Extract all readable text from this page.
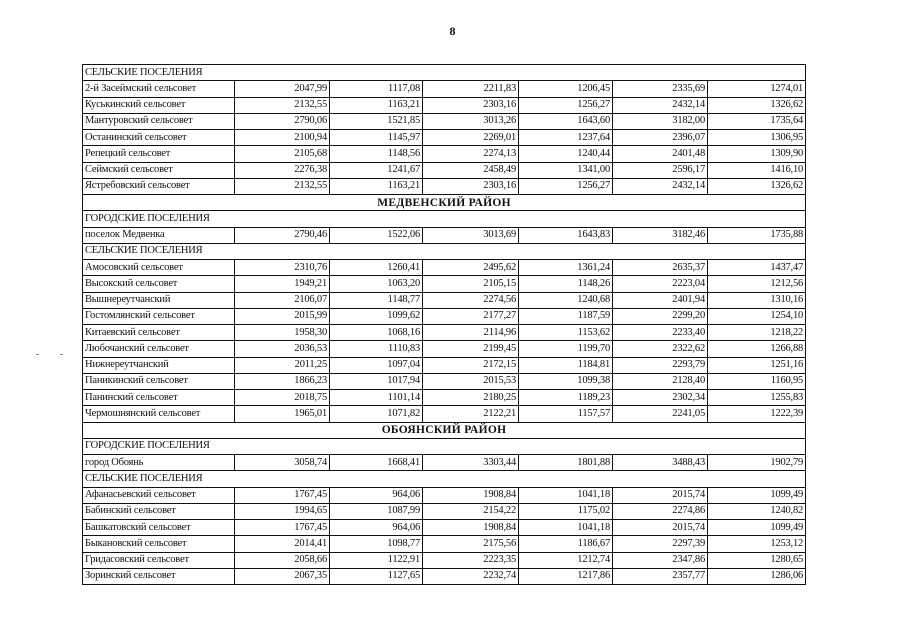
8
СЕЛЬСКИЕ ПОСЕЛЕНИЯ						
2-й Засеймский сельсовет	2047,99	1117,08	2211,83	1206,45	2335,69	1274,01
Куськинский сельсовет	2132,55	1163,21	2303,16	1256,27	2432,14	1326,62
Мантуровский сельсовет	2790,06	1521,85	3013,26	1643,60	3182,00	1735,64
Останинский сельсовет	2100,94	1145,97	2269,01	1237,64	2396,07	1306,95
Репецкий сельсовет	2105,68	1148,56	2274,13	1240,44	2401,48	1309,90
Сеймский сельсовет	2276,38	1241,67	2458,49	1341,00	2596,17	1416,10
Ястребовский сельсовет	2132,55	1163,21	2303,16	1256,27	2432,14	1326,62
МЕДВЕНСКИЙ РАЙОН						
ГОРОДСКИЕ ПОСЕЛЕНИЯ						
поселок Медвенка	2790,46	1522,06	3013,69	1643,83	3182,46	1735,88
СЕЛЬСКИЕ ПОСЕЛЕНИЯ						
Амосовский сельсовет	2310,76	1260,41	2495,62	1361,24	2635,37	1437,47
Высокский сельсовет	1949,21	1063,20	2105,15	1148,26	2223,04	1212,56
Вышнереутчанский	2106,07	1148,77	2274,56	1240,68	2401,94	1310,16
Гостомлянский сельсовет	2015,99	1099,62	2177,27	1187,59	2299,20	1254,10
Китаевский сельсовет	1958,30	1068,16	2114,96	1153,62	2233,40	1218,22
Любочанский сельсовет	2036,53	1110,83	2199,45	1199,70	2322,62	1266,88
Нижнереутчанский	2011,25	1097,04	2172,15	1184,81	2293,79	1251,16
Паникинский сельсовет	1866,23	1017,94	2015,53	1099,38	2128,40	1160,95
Панинский сельсовет	2018,75	1101,14	2180,25	1189,23	2302,34	1255,83
Чермошнянский сельсовет	1965,01	1071,82	2122,21	1157,57	2241,05	1222,39
ОБОЯНСКИЙ РАЙОН						
ГОРОДСКИЕ ПОСЕЛЕНИЯ						
город Обоянь	3058,74	1668,41	3303,44	1801,88	3488,43	1902,79
СЕЛЬСКИЕ ПОСЕЛЕНИЯ						
Афанасьевский сельсовет	1767,45	964,06	1908,84	1041,18	2015,74	1099,49
Бабинский сельсовет	1994,65	1087,99	2154,22	1175,02	2274,86	1240,82
Башкатовский сельсовет	1767,45	964,06	1908,84	1041,18	2015,74	1099,49
Быкановский сельсовет	2014,41	1098,77	2175,56	1186,67	2297,39	1253,12
Гридасовский сельсовет	2058,66	1122,91	2223,35	1212,74	2347,86	1280,65
Зоринский сельсовет	2067,35	1127,65	2232,74	1217,86	2357,77	1286,06
